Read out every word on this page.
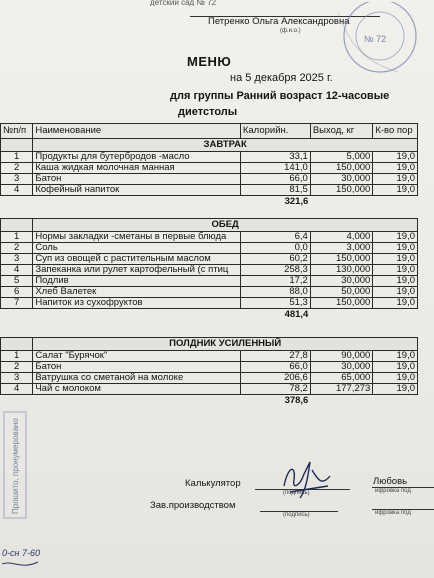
детский сад № 72
Петренко Ольга Александровна
(ф.и.о.)
№ 72
МЕНЮ
на 5 декабря 2025 г.
для группы Ранний возраст 12-часовые
диетстолы
№п/п	Наименование	Калорийн.	Выход, кг	К-во пор
	ЗАВТРАК			
1	Продукты для бутербродов -масло	33,1	5,000	19,0
2	Каша жидкая молочная манная	141,0	150,000	19,0
3	Батон	66,0	30,000	19,0
4	Кофейный напиток	81,5	150,000	19,0
		321,6		

	ОБЕД			
1	Нормы закладки -сметаны в первые блюда	6,4	4,000	19,0
2	Соль	0,0	3,000	19,0
3	Суп из овощей с растительным маслом	60,2	150,000	19,0
4	Запеканка или рулет картофельный (с птиц	258,3	130,000	19,0
5	Подлив	17,2	30,000	19,0
6	Хлеб Валетек	88,0	50,000	19,0
7	Напиток из сухофруктов	51,3	150,000	19,0
		481,4		

	ПОЛДНИК УСИЛЕННЫЙ			
1	Салат "Бурячок"	27,8	90,000	19,0
2	Батон	66,0	30,000	19,0
3	Ватрушка со сметаной на молоке	206,6	65,000	19,0
4	Чай с молоком	78,2	177,273	19,0
		378,6		
Калькулятор
(подпись)
Любовь
ифровка под
Зав.производством
(подпись)	ифровка под
Прошито, пронумеровано
0-сн 7-60
